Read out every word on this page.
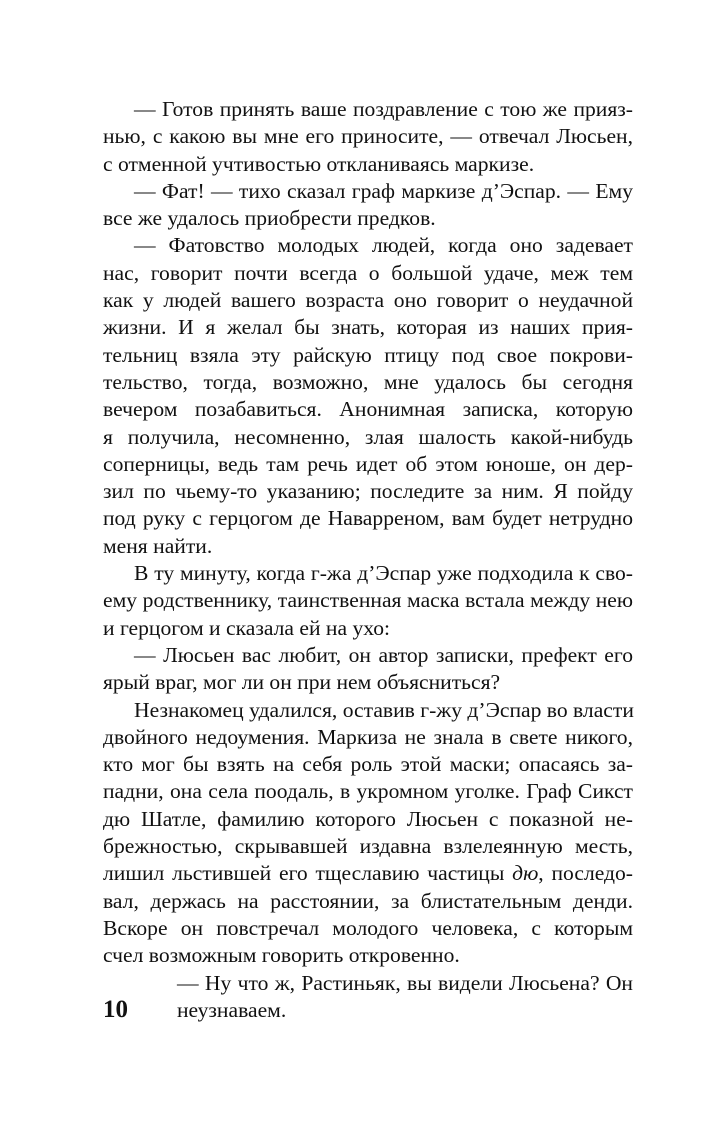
— Готов принять ваше поздравление с тою же прияз-
нью, с какою вы мне его приносите, — отвечал Люсьен,
с отменной учтивостью откланиваясь маркизе.
— Фат! — тихо сказал граф маркизе д’Эспар. — Ему
все же удалось приобрести предков.
— Фатовство молодых людей, когда оно задевает
нас, говорит почти всегда о большой удаче, меж тем
как у людей вашего возраста оно говорит о неудачной
жизни. И я желал бы знать, которая из наших прия-
тельниц взяла эту райскую птицу под свое покрови-
тельство, тогда, возможно, мне удалось бы сегодня
вечером позабавиться. Анонимная записка, которую
я получила, несомненно, злая шалость какой-нибудь
соперницы, ведь там речь идет об этом юноше, он дер-
зил по чьему-то указанию; последите за ним. Я пойду
под руку с герцогом де Наварреном, вам будет нетрудно
меня найти.
В ту минуту, когда г-жа д’Эспар уже подходила к сво-
ему родственнику, таинственная маска встала между нею
и герцогом и сказала ей на ухо:
— Люсьен вас любит, он автор записки, префект его
ярый враг, мог ли он при нем объясниться?
Незнакомец удалился, оставив г-жу д’Эспар во власти
двойного недоумения. Маркиза не знала в свете никого,
кто мог бы взять на себя роль этой маски; опасаясь за-
падни, она села поодаль, в укромном уголке. Граф Сикст
дю Шатле, фамилию которого Люсьен с показной не-
брежностью, скрывавшей издавна взлелеянную месть,
лишил льстившей его тщеславию частицы дю, последо-
вал, держась на расстоянии, за блистательным денди.
Вскоре он повстречал молодого человека, с которым
счел возможным говорить откровенно.
— Ну что ж, Растиньяк, вы видели Люсьена? Он
неузнаваем.
10
